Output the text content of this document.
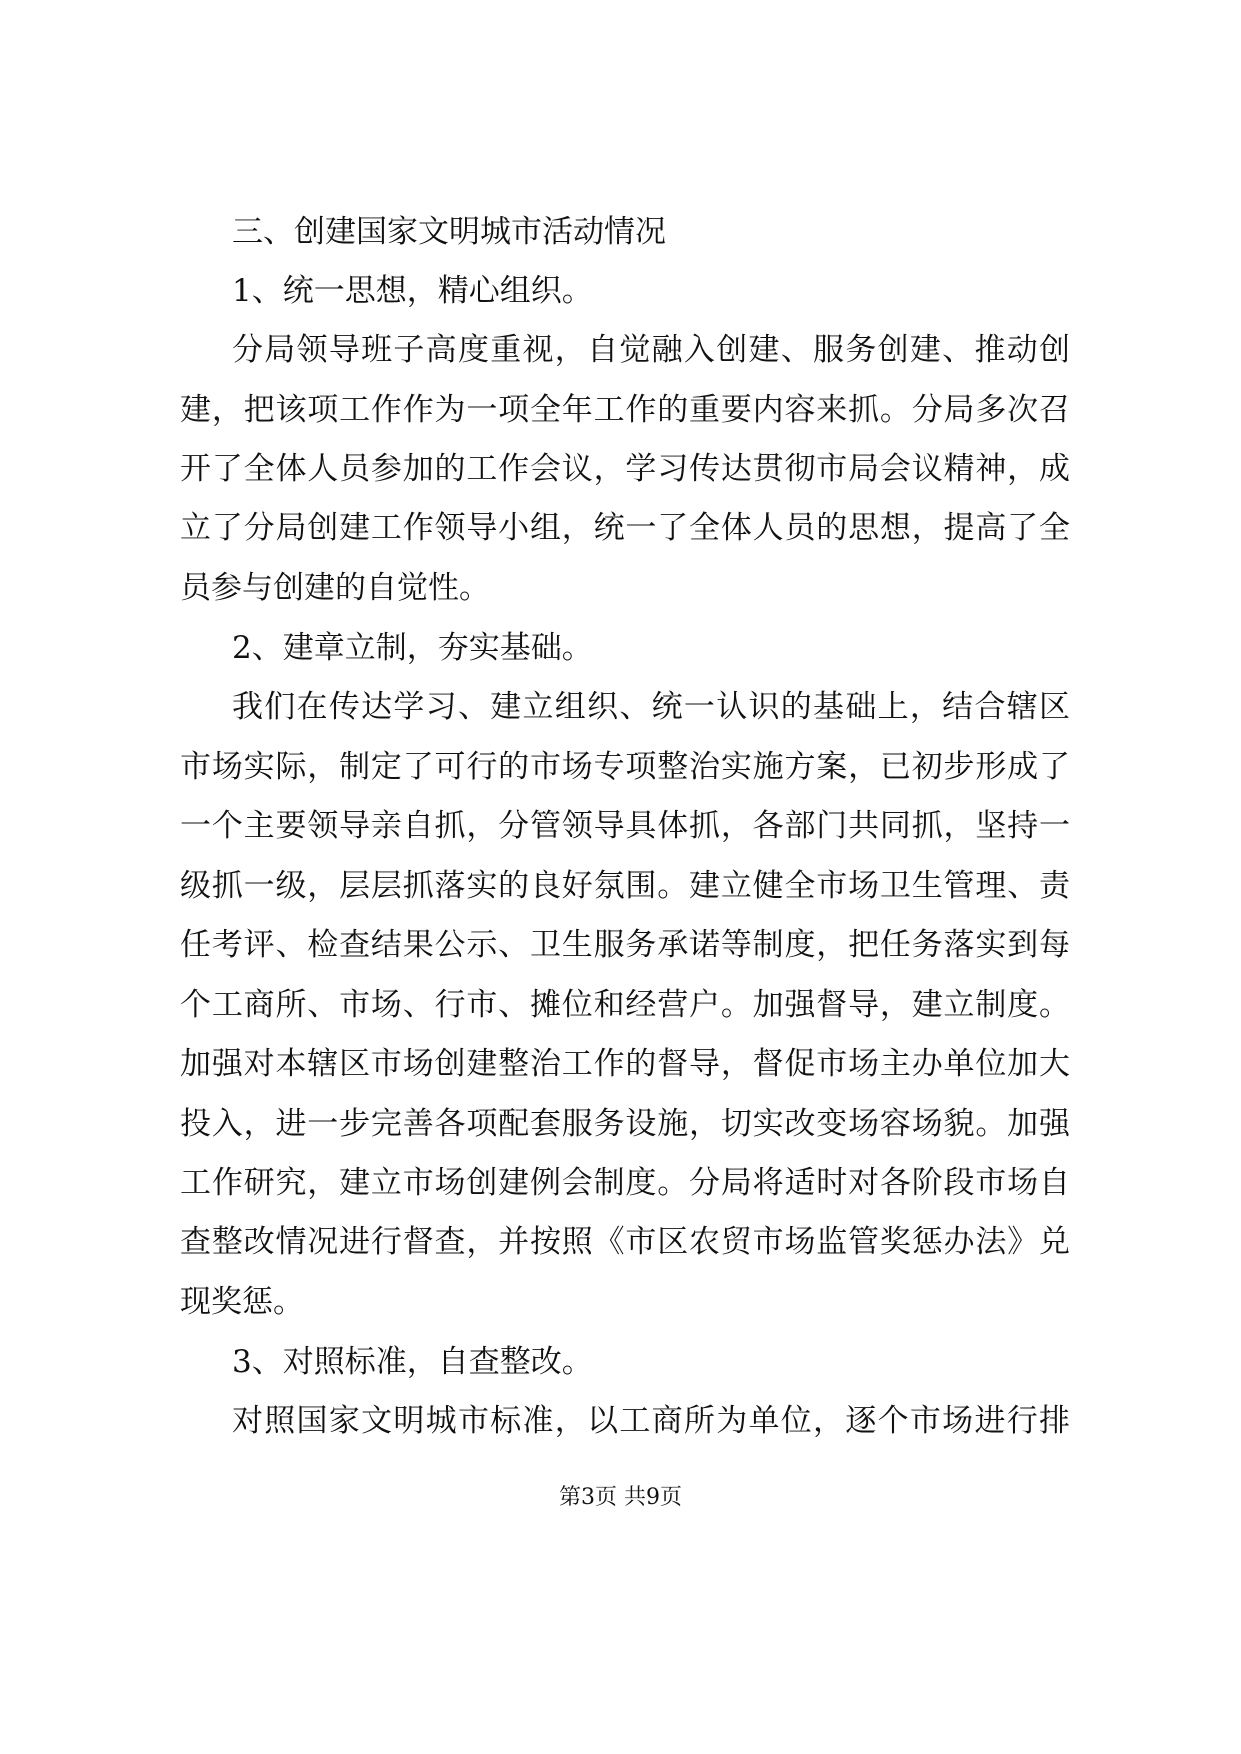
三、创建国家文明城市活动情况
1、统一思想，精心组织。
分局领导班子高度重视，自觉融入创建、服务创建、推动创
建，把该项工作作为一项全年工作的重要内容来抓。分局多次召
开了全体人员参加的工作会议，学习传达贯彻市局会议精神，成
立了分局创建工作领导小组，统一了全体人员的思想，提高了全
员参与创建的自觉性。
2、建章立制，夯实基础。
我们在传达学习、建立组织、统一认识的基础上，结合辖区
市场实际，制定了可行的市场专项整治实施方案，已初步形成了
一个主要领导亲自抓，分管领导具体抓，各部门共同抓，坚持一
级抓一级，层层抓落实的良好氛围。建立健全市场卫生管理、责
任考评、检查结果公示、卫生服务承诺等制度，把任务落实到每
个工商所、市场、行市、摊位和经营户。加强督导，建立制度。
加强对本辖区市场创建整治工作的督导，督促市场主办单位加大
投入，进一步完善各项配套服务设施，切实改变场容场貌。加强
工作研究，建立市场创建例会制度。分局将适时对各阶段市场自
查整改情况进行督查，并按照《市区农贸市场监管奖惩办法》兑
现奖惩。
3、对照标准，自查整改。
对照国家文明城市标准，以工商所为单位，逐个市场进行排
第3页 共9页
